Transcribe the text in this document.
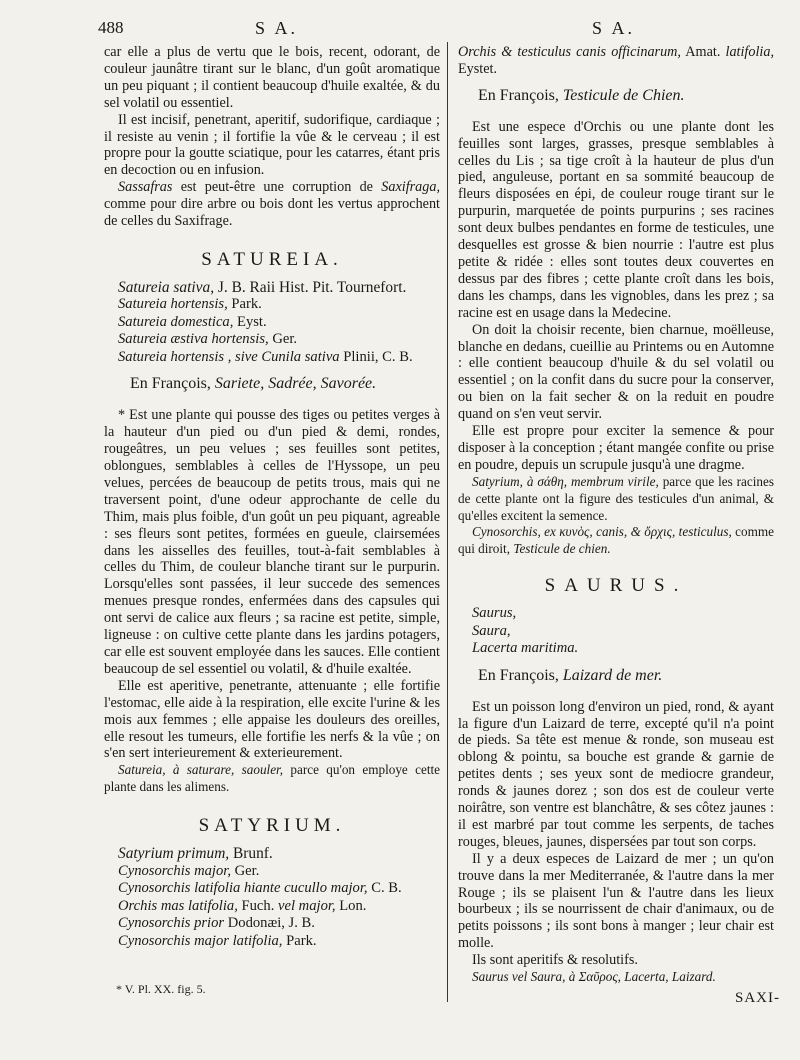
488	S A.	S A.

car elle a plus de vertu que le bois, recent, odorant, de couleur jaunâtre tirant sur le blanc, d'un goût aromatique un peu piquant ; il contient beaucoup d'huile exaltée, & du sel volatil ou essentiel.

Il est incisif, penetrant, aperitif, sudorifique, cardiaque ; il resiste au venin ; il fortifie la vûe & le cerveau ; il est propre pour la goutte sciatique, pour les catarres, étant pris en decoction ou en infusion.

Sassafras est peut-être une corruption de Saxifraga, comme pour dire arbre ou bois dont les vertus approchent de celles du Saxifrage.

SATUREIA.

Satureia sativa, J. B. Raii Hist. Pit. Tournefort.

Satureia hortensis, Park.

Satureia domestica, Eyst.

Satureia æstiva hortensis, Ger.

Satureia hortensis , sive Cunila sativa Plinii, C. B.

En François, Sariete, Sadrée, Savorée.

* Est une plante qui pousse des tiges ou petites verges à la hauteur d'un pied ou d'un pied & demi, rondes, rougeâtres, un peu velues ; ses feuilles sont petites, oblongues, semblables à celles de l'Hyssope, un peu velues, percées de beaucoup de petits trous, mais qui ne traversent point, d'une odeur approchante de celle du Thim, mais plus foible, d'un goût un peu piquant, agreable : ses fleurs sont petites, formées en gueule, clairsemées dans les aisselles des feuilles, tout-à-fait semblables à celles du Thim, de couleur blanche tirant sur le purpurin. Lorsqu'elles sont passées, il leur succede des semences menues presque rondes, enfermées dans des capsules qui ont servi de calice aux fleurs ; sa racine est petite, simple, ligneuse : on cultive cette plante dans les jardins potagers, car elle est souvent employée dans les sauces. Elle contient beaucoup de sel essentiel ou volatil, & d'huile exaltée.

Elle est aperitive, penetrante, attenuante ; elle fortifie l'estomac, elle aide à la respiration, elle excite l'urine & les mois aux femmes ; elle appaise les douleurs des oreilles, elle resout les tumeurs, elle fortifie les nerfs & la vûe ; on s'en sert interieurement & exterieurement.

Satureia, à saturare, saouler, parce qu'on employe cette plante dans les alimens.

SATYRIUM.

Satyrium primum, Brunf.

Cynosorchis major, Ger.

Cynosorchis latifolia hiante cucullo major, C. B.

Orchis mas latifolia, Fuch. vel major, Lon.

Cynosorchis prior Dodonæi, J. B.

Cynosorchis major latifolia, Park.

Orchis & testiculus canis officinarum, Amat. latifolia, Eystet.

En François, Testicule de Chien.

Est une espece d'Orchis ou une plante dont les feuilles sont larges, grasses, presque semblables à celles du Lis ; sa tige croît à la hauteur de plus d'un pied, anguleuse, portant en sa sommité beaucoup de fleurs disposées en épi, de couleur rouge tirant sur le purpurin, marquetée de points purpurins ; ses racines sont deux bulbes pendantes en forme de testicules, une desquelles est grosse & bien nourrie : l'autre est plus petite & ridée : elles sont toutes deux couvertes en dessus par des fibres ; cette plante croît dans les bois, dans les champs, dans les vignobles, dans les prez ; sa racine est en usage dans la Medecine.

On doit la choisir recente, bien charnue, moëlleuse, blanche en dedans, cueillie au Printems ou en Automne : elle contient beaucoup d'huile & du sel volatil ou essentiel ; on la confit dans du sucre pour la conserver, ou bien on la fait secher & on la reduit en poudre quand on s'en veut servir.

Elle est propre pour exciter la semence & pour disposer à la conception ; étant mangée confite ou prise en poudre, depuis un scrupule jusqu'à une dragme.

Satyrium, à σάθη, membrum virile, parce que les racines de cette plante ont la figure des testicules d'un animal, & qu'elles excitent la semence.

Cynosorchis, ex κυνὸς, canis, & ὄρχις, testiculus, comme qui diroit, Testicule de chien.

SAURUS.

Saurus,

Saura,

Lacerta maritima.

En François, Laizard de mer.

Est un poisson long d'environ un pied, rond, & ayant la figure d'un Laizard de terre, excepté qu'il n'a point de pieds. Sa tête est menue & ronde, son museau est oblong & pointu, sa bouche est grande & garnie de petites dents ; ses yeux sont de mediocre grandeur, ronds & jaunes dorez ; son dos est de couleur verte noirâtre, son ventre est blanchâtre, & ses côtez jaunes : il est marbré par tout comme les serpents, de taches rouges, bleues, jaunes, dispersées par tout son corps.

Il y a deux especes de Laizard de mer ; un qu'on trouve dans la mer Mediterranée, & l'autre dans la mer Rouge ; ils se plaisent l'un & l'autre dans les lieux bourbeux ; ils se nourrissent de chair d'animaux, ou de petits poissons ; ils sont bons à manger ; leur chair est molle.

Ils sont aperitifs & resolutifs.

Saurus vel Saura, à Σαῦρος, Lacerta, Laizard.

* V. Pl. XX. fig. 5.
SAXI-
